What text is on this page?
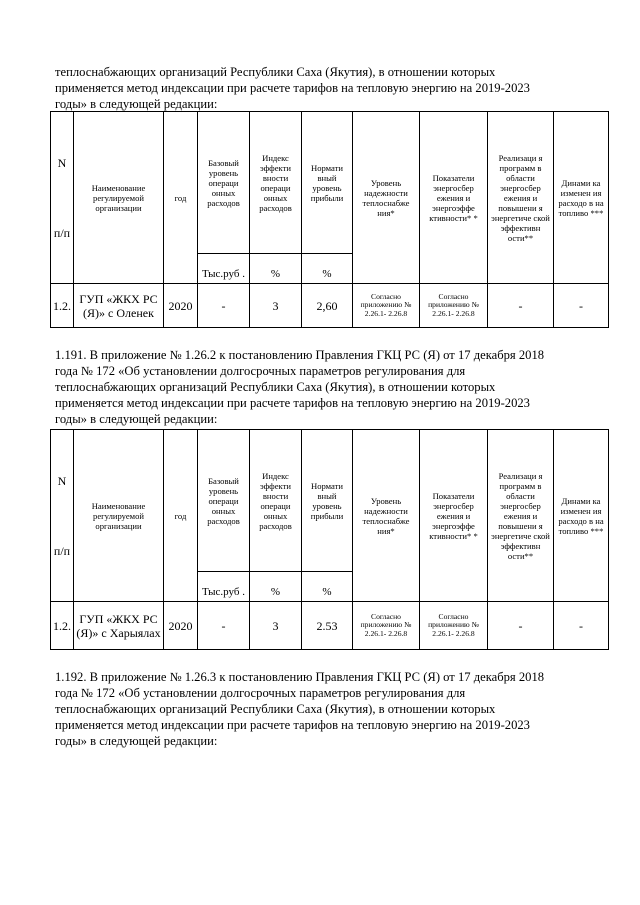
теплоснабжающих организаций Республики Саха (Якутия), в отношении которых

применяется метод индексации при расчете тарифов на тепловую энергию на 2019-2023

годы» в следующей редакции:

N

п/п	Наименование регулируемой организации	год	Базовый уровень операци онных расходов	Индекс эффекти вности операци онных расходов	Нормати вный уровень прибыли	Уровень надежности теплоснабже ния*	Показатели энергосбер ежения и энергоэффе ктивности* *	Реализаци я программ в области энергосбер ежения и повышени я энергетиче ской эффективн ости**	Динами ка изменен ия расходо в на топливо ***
			Тыс.руб .	%	%				
1.2.	ГУП «ЖКХ РС (Я)» с Оленек	2020	-	3	2,60	Согласно приложению № 2.26.1- 2.26.8	Согласно приложению № 2.26.1- 2.26.8	-	-

1.191. В приложение № 1.26.2 к постановлению Правления ГКЦ РС (Я) от 17 декабря 2018

года № 172 «Об установлении долгосрочных параметров регулирования для

теплоснабжающих организаций Республики Саха (Якутия), в отношении которых

применяется метод индексации при расчете тарифов на тепловую энергию на 2019-2023

годы» в следующей редакции:

N

п/п	Наименование регулируемой организации	год	Базовый уровень операци онных расходов	Индекс эффекти вности операци онных расходов	Нормати вный уровень прибыли	Уровень надежности теплоснабже ния*	Показатели энергосбер ежения и энергоэффе ктивности* *	Реализаци я программ в области энергосбер ежения и повышени я энергетиче ской эффективн ости**	Динами ка изменен ия расходо в на топливо ***
			Тыс.руб .	%	%				
1.2.	ГУП «ЖКХ РС (Я)» с Харыялах	2020	-	3	2.53	Согласно приложению № 2.26.1- 2.26.8	Согласно приложению № 2.26.1- 2.26.8	-	-

1.192. В приложение № 1.26.3 к постановлению Правления ГКЦ РС (Я) от 17 декабря 2018

года № 172 «Об установлении долгосрочных параметров регулирования для

теплоснабжающих организаций Республики Саха (Якутия), в отношении которых

применяется метод индексации при расчете тарифов на тепловую энергию на 2019-2023

годы» в следующей редакции:
